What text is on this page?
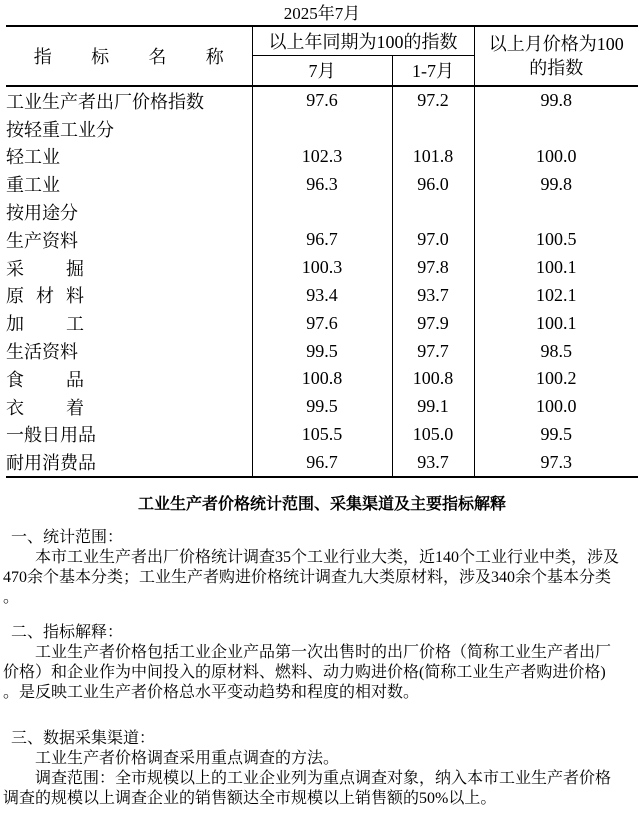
2025年7月
指标名称	以上年同期为100的指数		以上月价格为100
的指数

	7月	1-7月	
工业生产者出厂价格指数	97.6	97.2	99.8
按轻重工业分			
轻工业	102.3	101.8	100.0
重工业	96.3	96.0	99.8
按用途分			
生产资料	96.7	97.0	100.5
采掘	100.3	97.8	100.1
原材料	93.4	93.7	102.1
加工	97.6	97.9	100.1
生活资料	99.5	97.7	98.5
食品	100.8	100.8	100.2
衣着	99.5	99.1	100.0
一般日用品	105.5	105.0	99.5
耐用消费品	96.7	93.7	97.3
工业生产者价格统计范围、采集渠道及主要指标解释
一、统计范围：
　　本市工业生产者出厂价格统计调查35个工业行业大类，近140个工业行业中类，涉及
470余个基本分类；工业生产者购进价格统计调查九大类原材料，涉及340余个基本分类
。
二、指标解释：
　　工业生产者价格包括工业企业产品第一次出售时的出厂价格（简称工业生产者出厂
价格）和企业作为中间投入的原材料、燃料、动力购进价格(简称工业生产者购进价格)
。是反映工业生产者价格总水平变动趋势和程度的相对数。
三、数据采集渠道：
　　工业生产者价格调查采用重点调查的方法。
　　调查范围：全市规模以上的工业企业列为重点调查对象，纳入本市工业生产者价格
调查的规模以上调查企业的销售额达全市规模以上销售额的50%以上。
